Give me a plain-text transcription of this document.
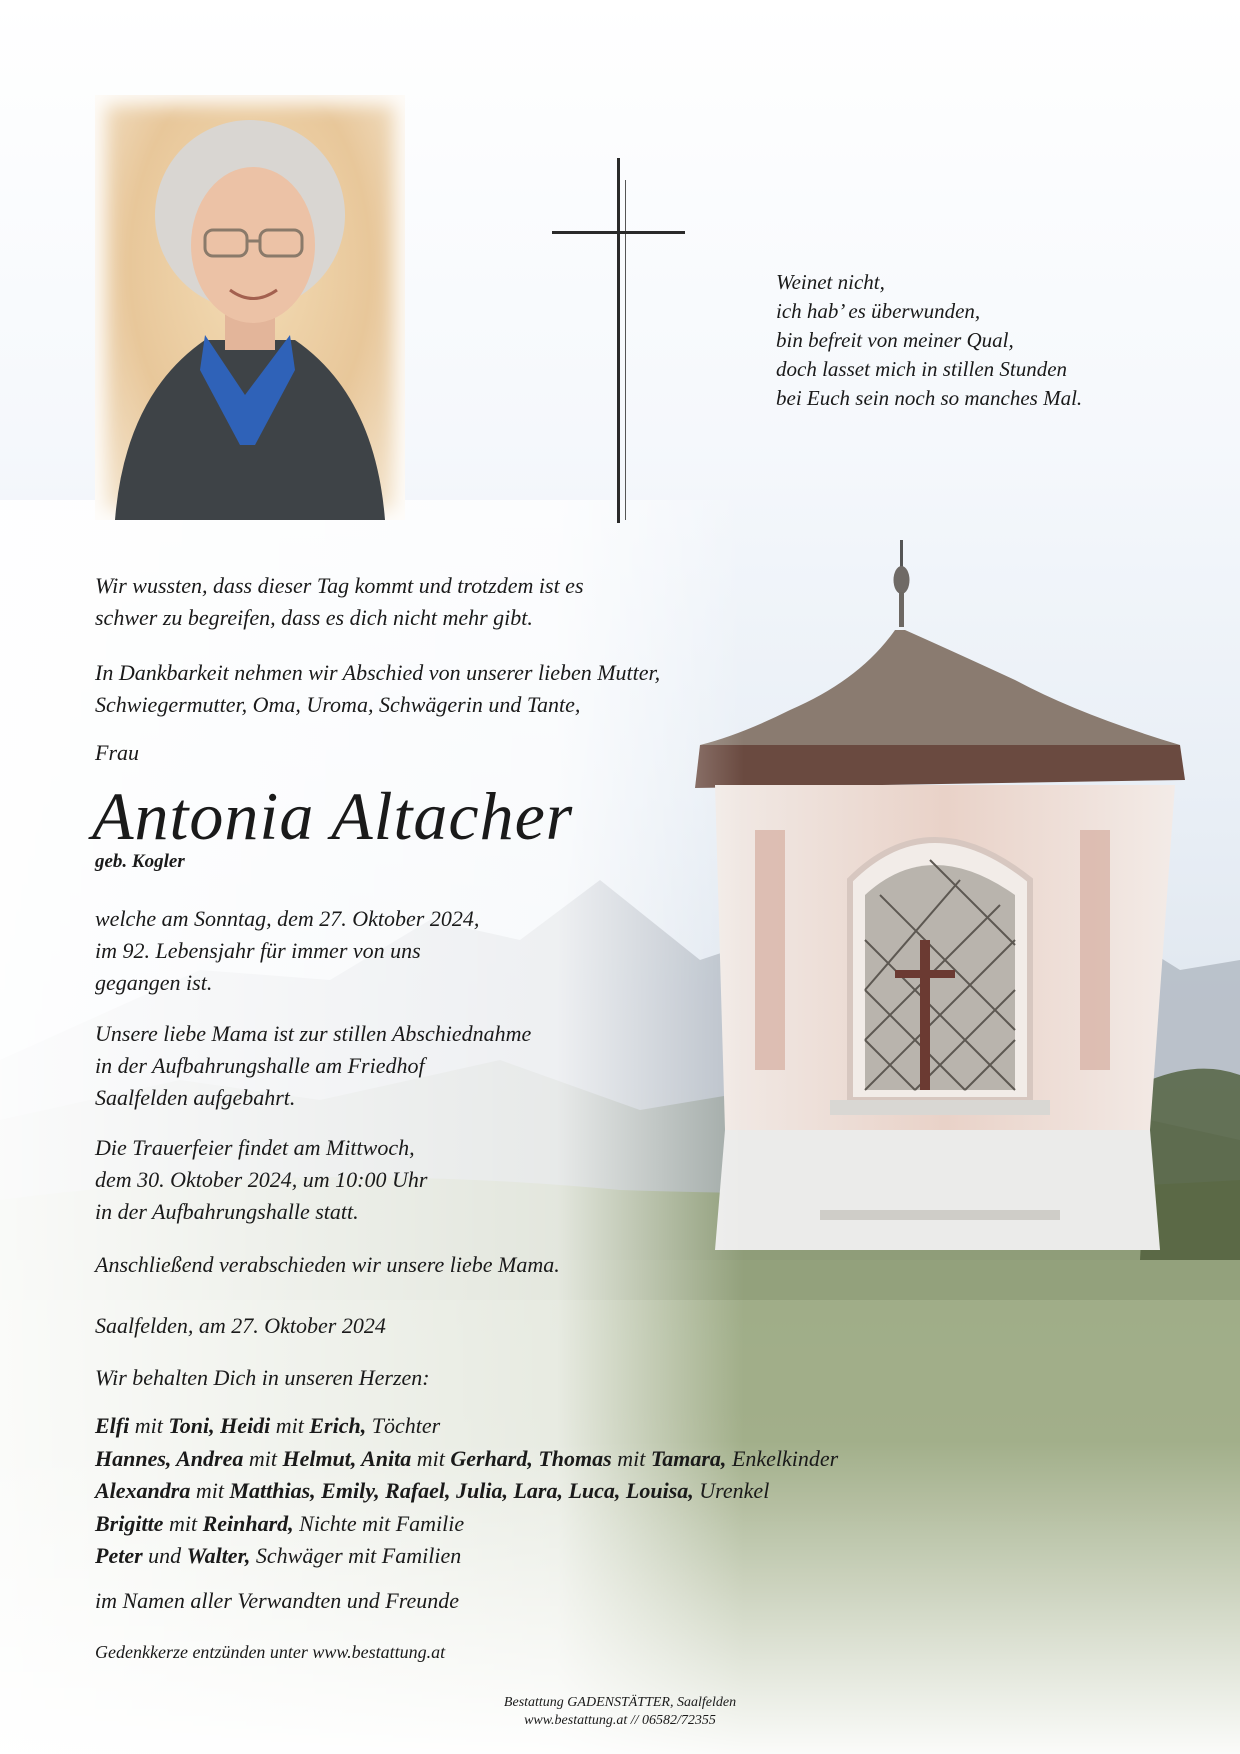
Weinet nicht,
ich hab’ es überwunden,
bin befreit von meiner Qual,
doch lasset mich in stillen Stunden
bei Euch sein noch so manches Mal.
Wir wussten, dass dieser Tag kommt und trotzdem ist es
schwer zu begreifen, dass es dich nicht mehr gibt.
In Dankbarkeit nehmen wir Abschied von unserer lieben Mutter,
Schwiegermutter, Oma, Uroma, Schwägerin und Tante,
Frau
Antonia Altacher
geb. Kogler
welche am Sonntag, dem 27. Oktober 2024,
im 92. Lebensjahr für immer von uns
gegangen ist.
Unsere liebe Mama ist zur stillen Abschiednahme
in der Aufbahrungshalle am Friedhof
Saalfelden aufgebahrt.
Die Trauerfeier findet am Mittwoch,
dem 30. Oktober 2024, um 10:00 Uhr
in der Aufbahrungshalle statt.
Anschließend verabschieden wir unsere liebe Mama.
Saalfelden, am 27. Oktober 2024
Wir behalten Dich in unseren Herzen:
Elfi mit Toni, Heidi mit Erich, Töchter
Hannes, Andrea mit Helmut, Anita mit Gerhard, Thomas mit Tamara, Enkelkinder
Alexandra mit Matthias, Emily, Rafael, Julia, Lara, Luca, Louisa, Urenkel
Brigitte mit Reinhard, Nichte mit Familie
Peter und Walter, Schwäger mit Familien
im Namen aller Verwandten und Freunde
Gedenkkerze entzünden unter www.bestattung.at
Bestattung GADENSTÄTTER, Saalfelden
www.bestattung.at // 06582/72355
